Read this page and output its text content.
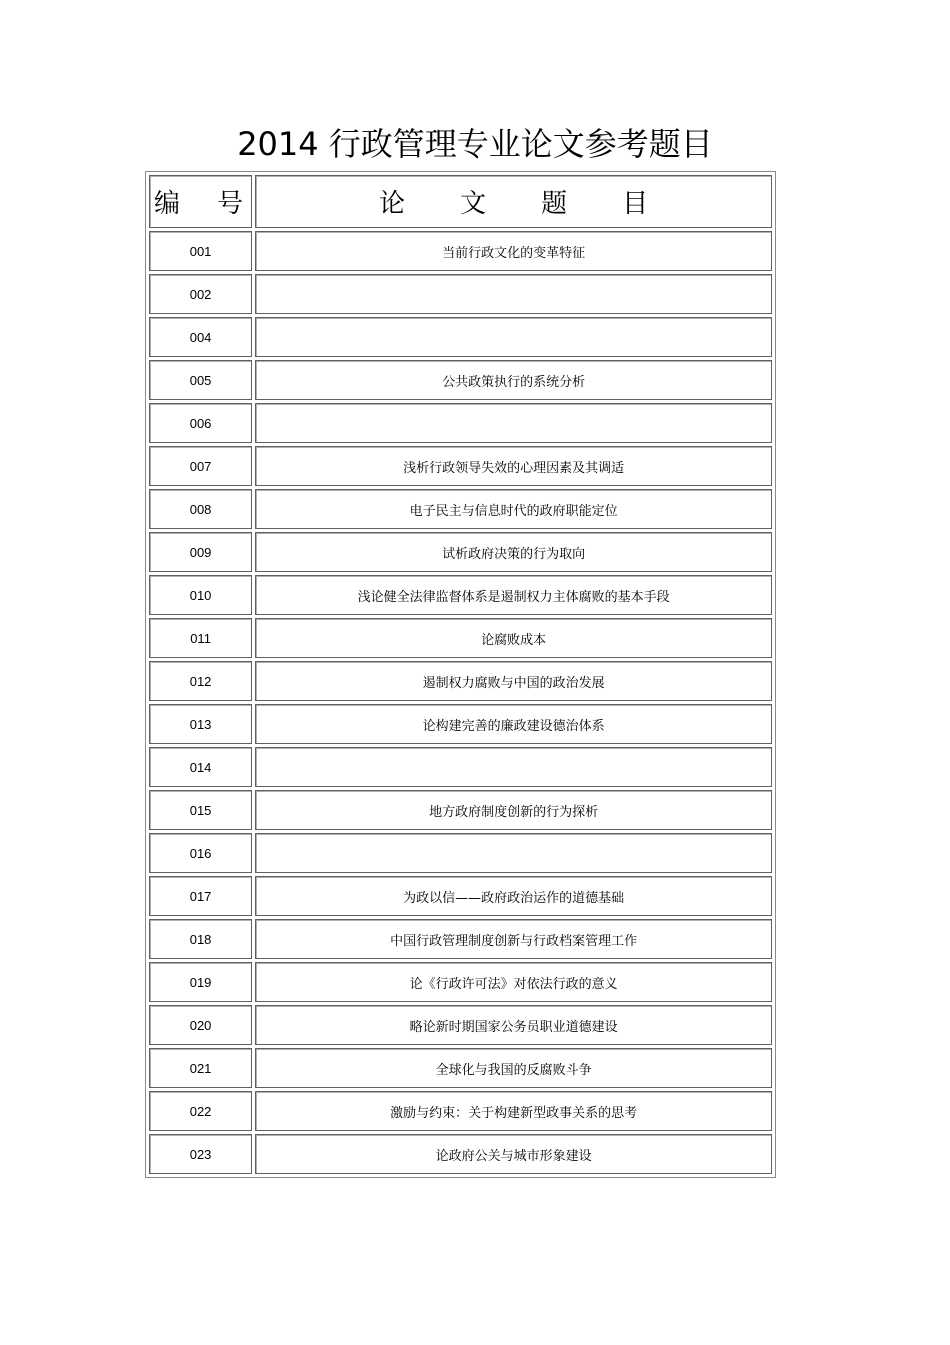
2014 行政管理专业论文参考题目
编 号	论 文 题 目

001	当前行政文化的变革特征
002	
004	
005	公共政策执行的系统分析
006	
007	浅析行政领导失效的心理因素及其调适
008	电子民主与信息时代的政府职能定位
009	试析政府决策的行为取向
010	浅论健全法律监督体系是遏制权力主体腐败的基本手段
011	论腐败成本
012	遏制权力腐败与中国的政治发展
013	论构建完善的廉政建设德治体系
014	
015	地方政府制度创新的行为探析
016	
017	为政以信——政府政治运作的道德基础
018	中国行政管理制度创新与行政档案管理工作
019	论《行政许可法》对依法行政的意义
020	略论新时期国家公务员职业道德建设
021	全球化与我国的反腐败斗争
022	激励与约束：关于构建新型政事关系的思考
023	论政府公关与城市形象建设
